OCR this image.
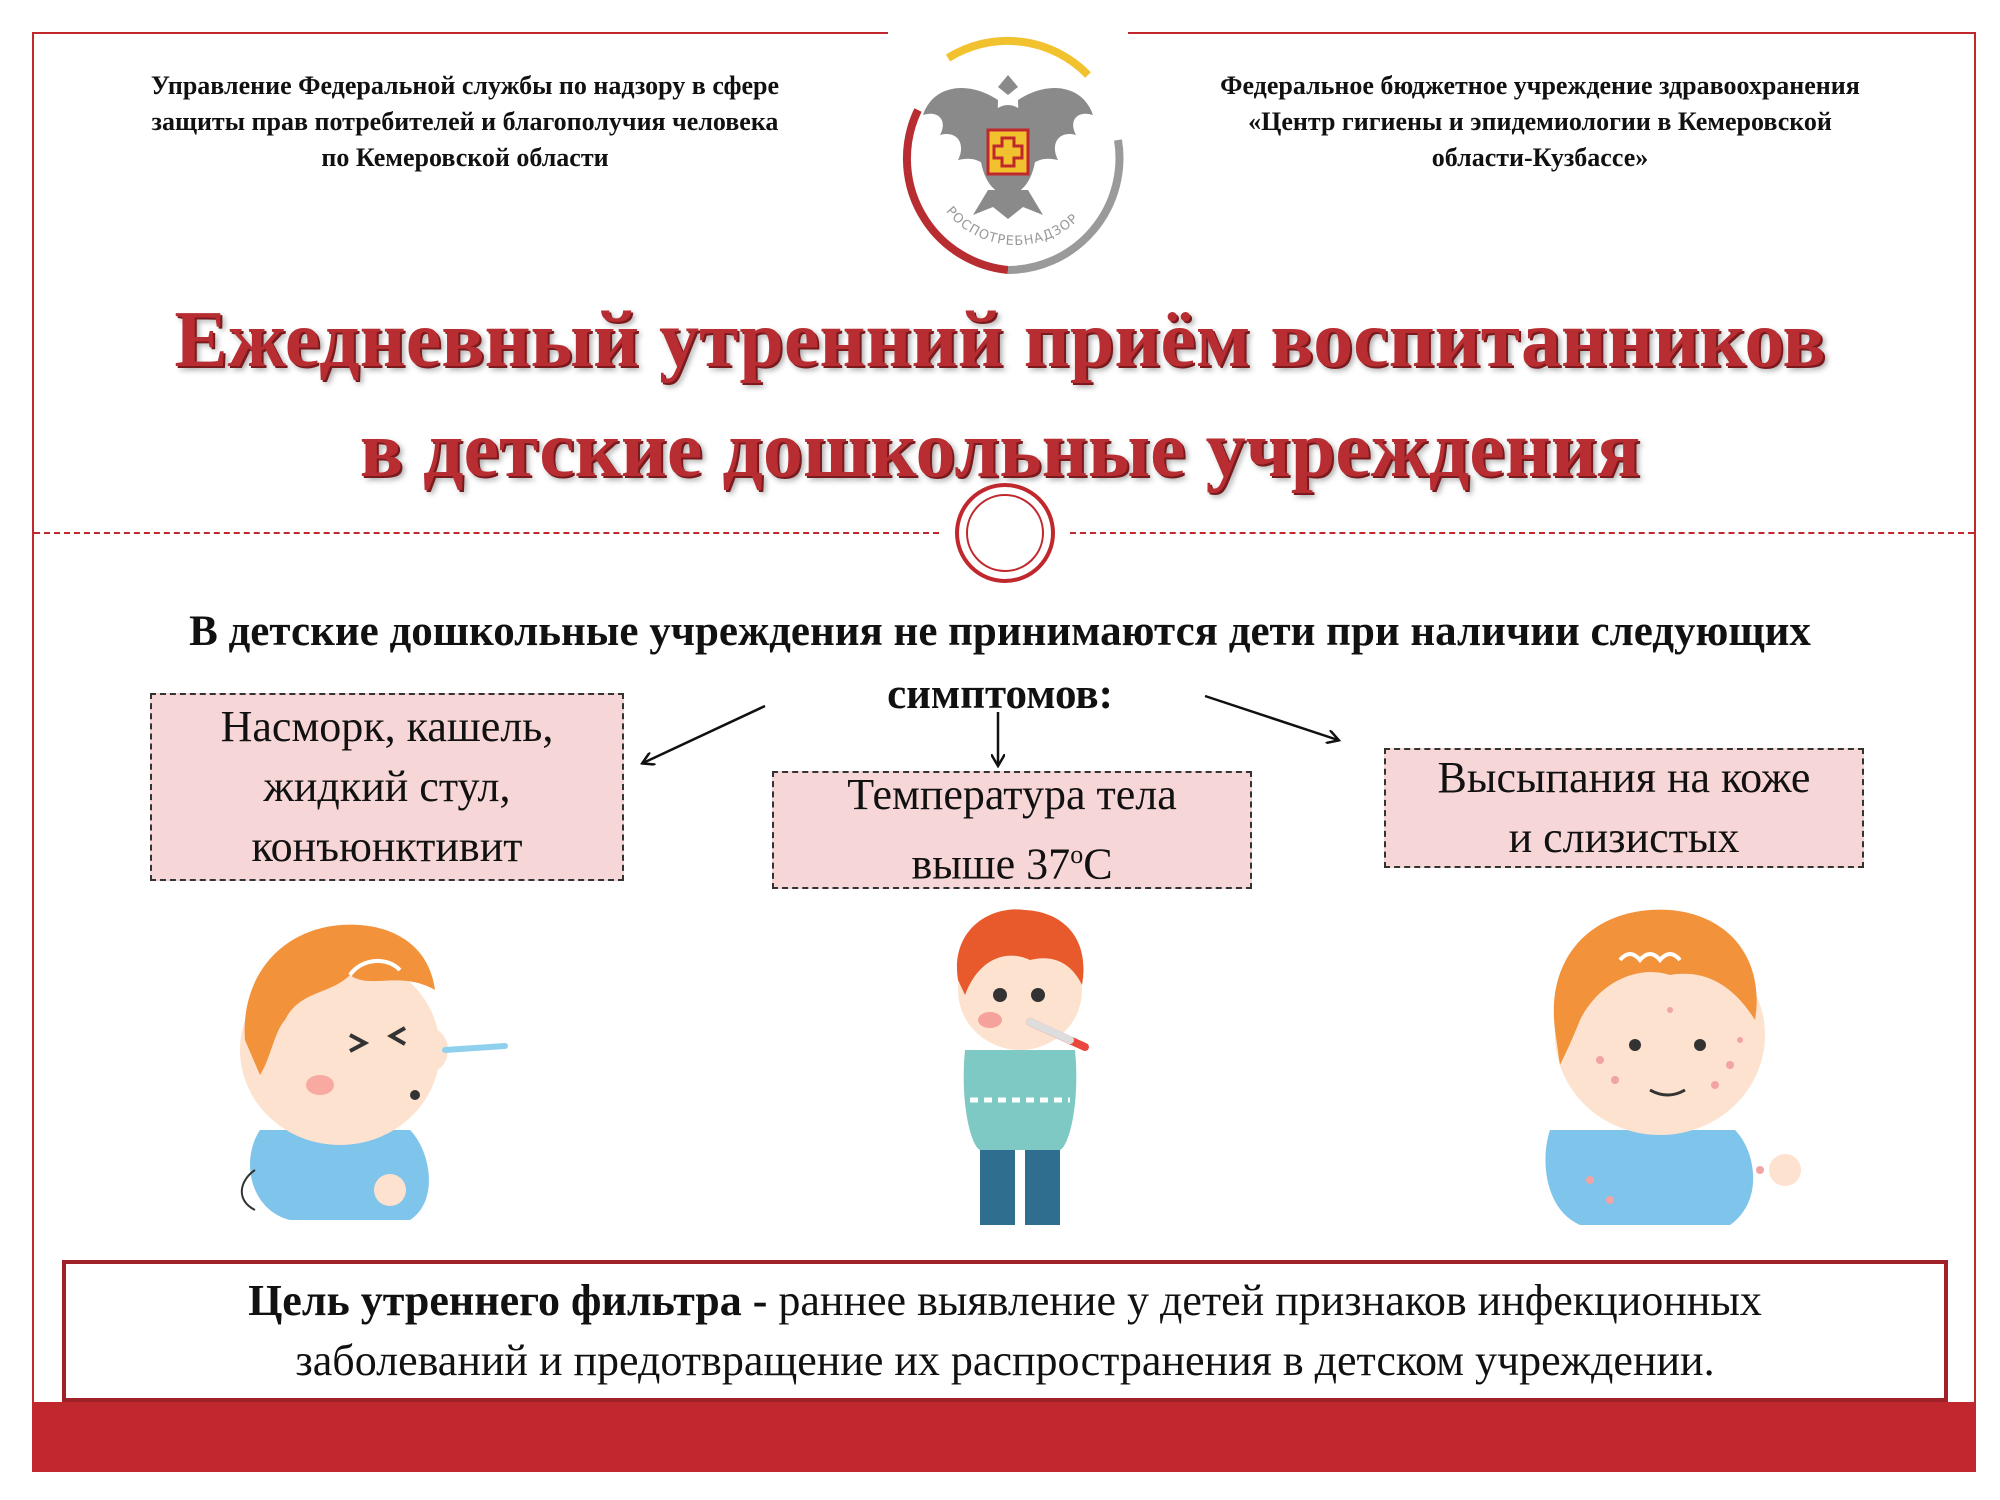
Управление Федеральной службы по надзору в сфере
защиты прав потребителей и благополучия человека
по Кемеровской области
Федеральное бюджетное учреждение здравоохранения
«Центр гигиены и эпидемиологии в Кемеровской
области-Кузбассе»
РОСПОТРЕБНАДЗОР
Ежедневный утренний приём воспитанников
в детские дошкольные учреждения
В детские дошкольные учреждения не принимаются дети при наличии следующих
симптомов:
Насморк, кашель,
жидкий стул,
конъюнктивит
Температура тела
выше $37^оС$
Высыпания на коже
и слизистых
Цель утреннего фильтра - раннее выявление у детей признаков инфекционных
заболеваний и предотвращение их распространения в детском учреждении.
